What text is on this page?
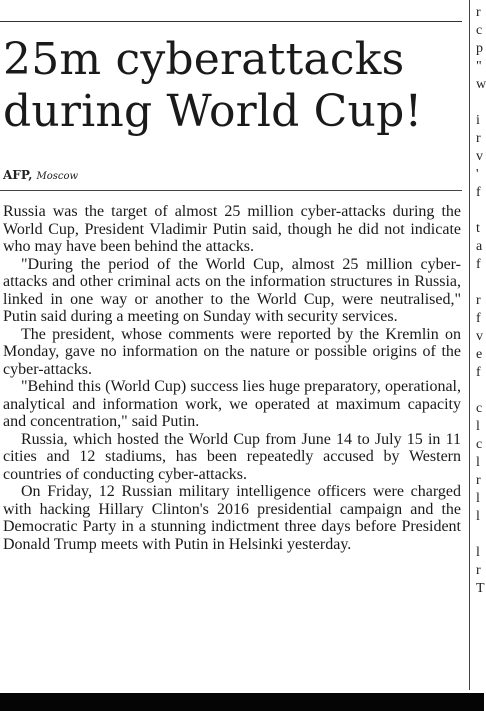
25m cyberattacks during World Cup!
AFP, Moscow

Russia was the target of almost 25 million cyber-attacks during the World Cup, President Vladimir Putin said, though he did not indicate who may have been behind the attacks.

"During the period of the World Cup, almost 25 million cyber-attacks and other criminal acts on the information structures in Russia, linked in one way or another to the World Cup, were neutralised," Putin said during a meeting on Sunday with security services.

The president, whose comments were reported by the Kremlin on Monday, gave no information on the nature or possible origins of the cyber-attacks.

"Behind this (World Cup) success lies huge preparatory, operational, analytical and information work, we operated at maximum capacity and concentration," said Putin.

Russia, which hosted the World Cup from June 14 to July 15 in 11 cities and 12 stadiums, has been repeatedly accused by Western countries of conducting cyber-attacks.

On Friday, 12 Russian military intelligence officers were charged with hacking Hillary Clinton's 2016 presidential campaign and the Democratic Party in a stunning indictment three days before President Donald Trump meets with Putin in Helsinki yesterday.

r
c
p
"
w
i
r
v
'
f
t
a
f
r
f
v
e
f
c
l
c
l
r
l
l
l
r
T
